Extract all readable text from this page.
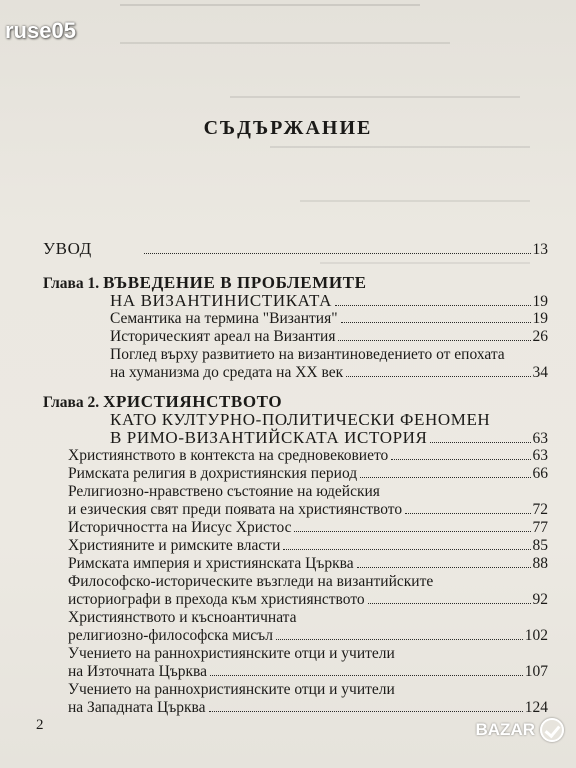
ruse05
СЪДЪРЖАНИЕ
УВОД	13
Глава 1. ВЪВЕДЕНИЕ В ПРОБЛЕМИТЕ
НА ВИЗАНТИНИСТИКАТА	19
Семантика на термина "Византия"	19
Историческият ареал на Византия	26
Поглед върху развитието на византиноведението от епохата
на хуманизма до средата на XX век	34
Глава 2. ХРИСТИЯНСТВОТО
КАТО КУЛТУРНО-ПОЛИТИЧЕСКИ ФЕНОМЕН
В РИМО-ВИЗАНТИЙСКАТА ИСТОРИЯ	63
Християнството в контекста на средновековието	63
Римската религия в дохристиянския период	66
Религиозно-нравствено състояние на юдейския
и езическия свят преди появата на християнството	72
Историчността на Иисус Христос	77
Християните и римските власти	85
Римската империя и християнската Църква	88
Философско-историческите възгледи на византийските
историографи в прехода към християнството	92
Християнството и късноантичната
религиозно-философска мисъл	102
Учението на раннохристиянските отци и учители
на Източната Църква	107
Учението на раннохристиянските отци и учители
на Западната Църква	124
2	BAZAR
